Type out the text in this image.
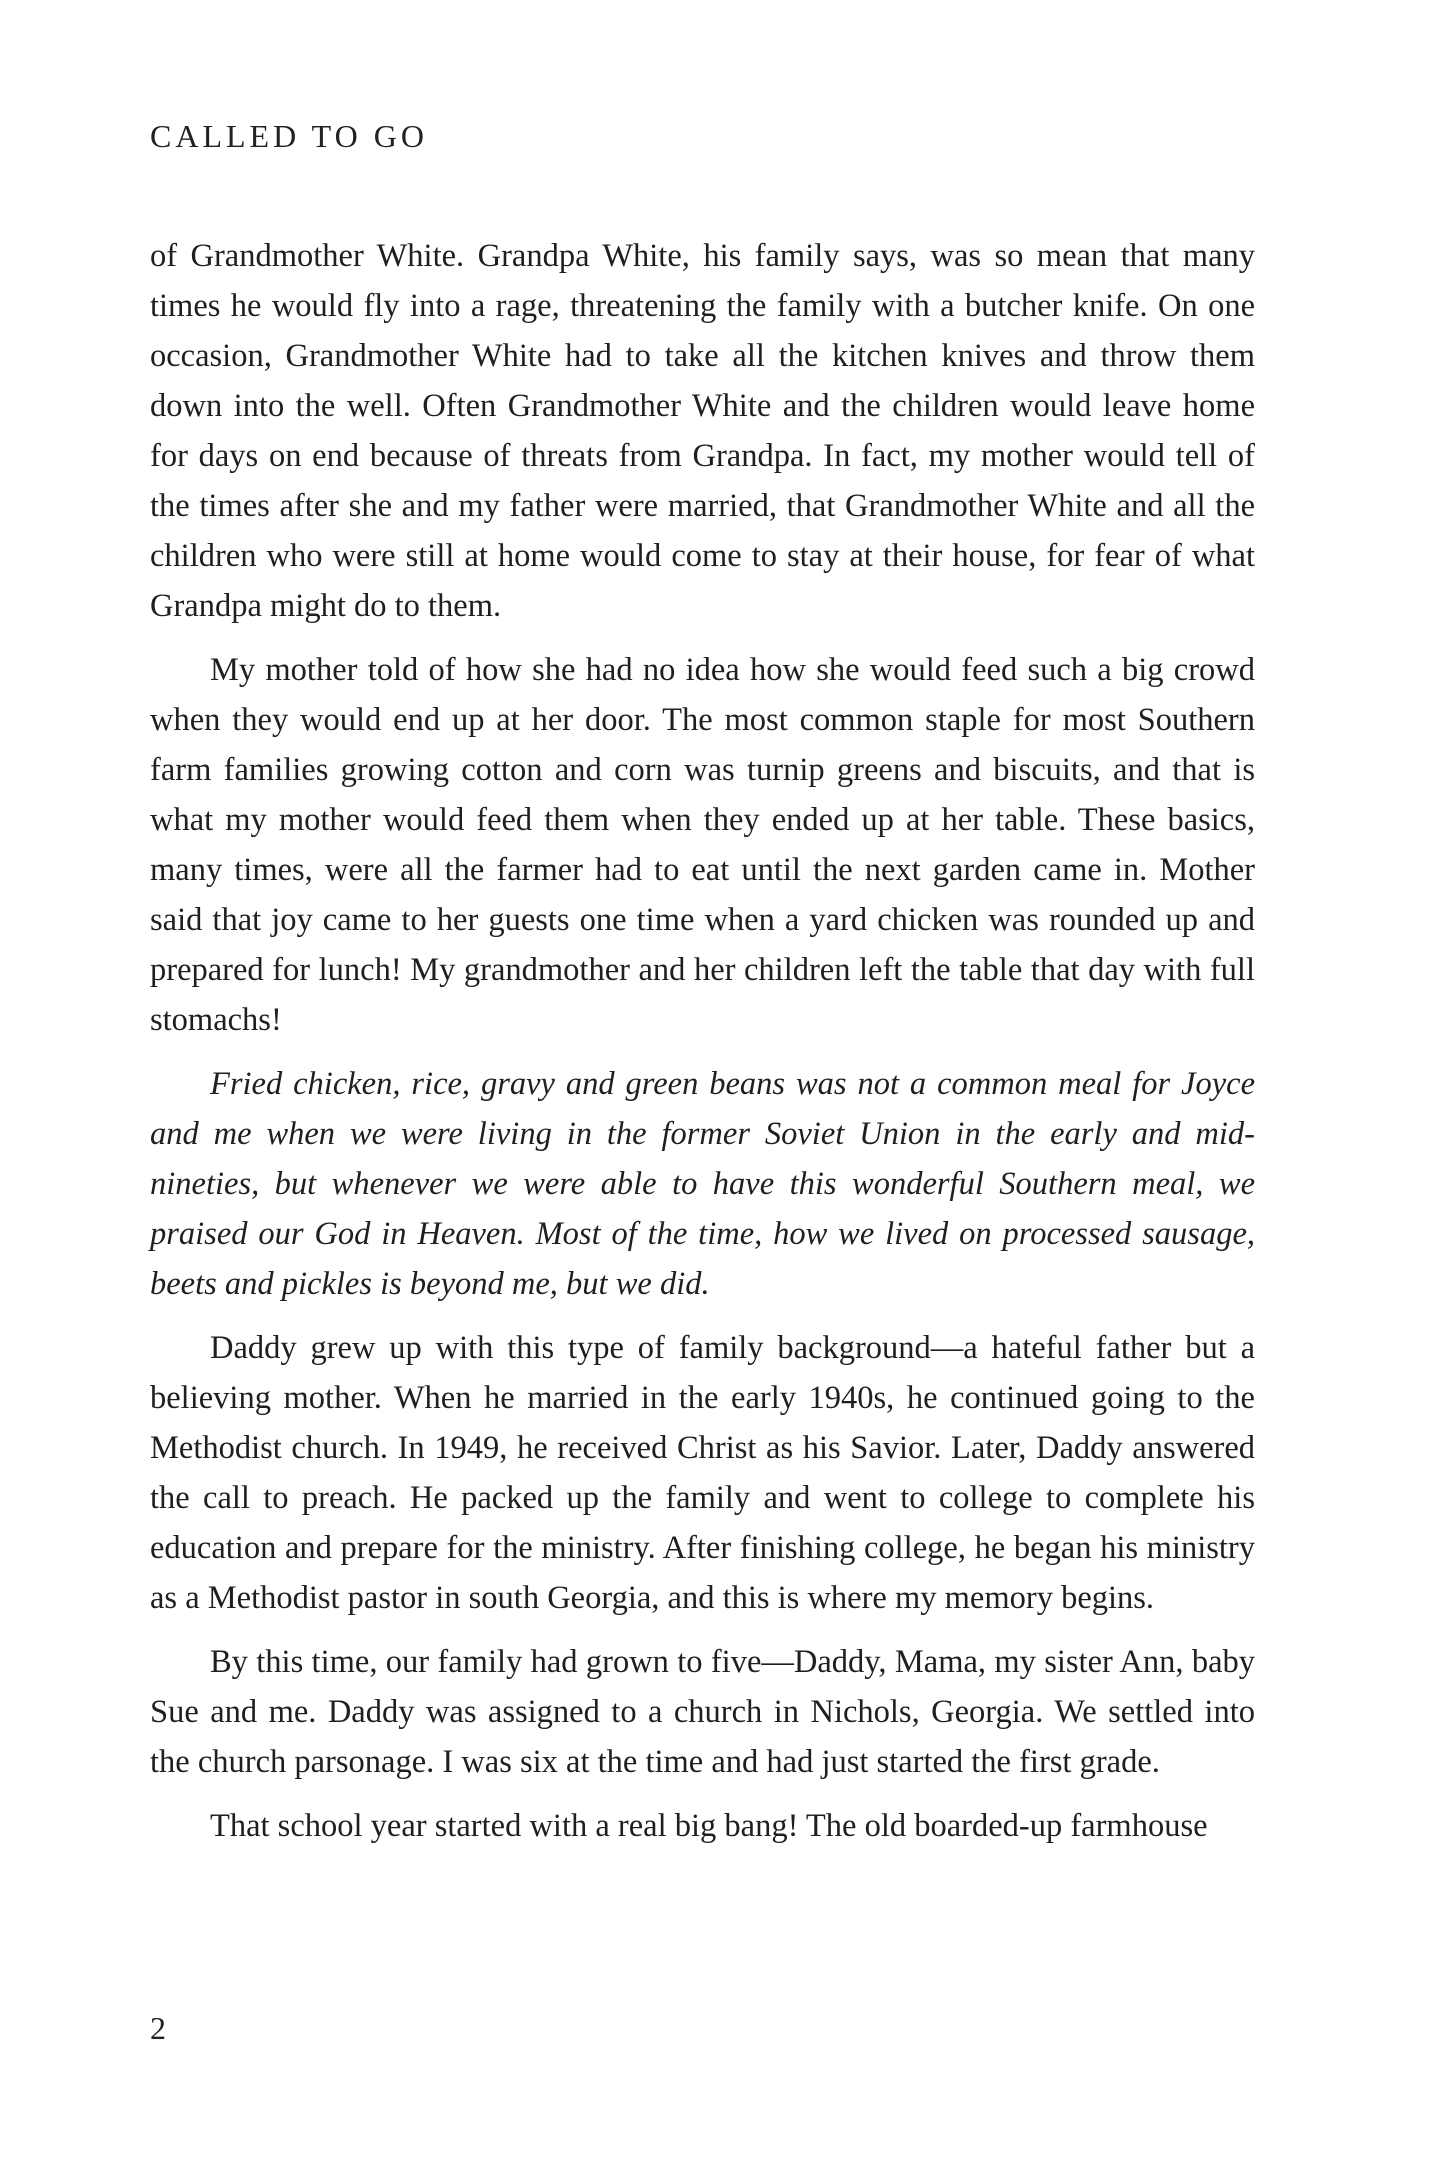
CALLED TO GO

of Grandmother White. Grandpa White, his family says, was so mean that many times he would fly into a rage, threatening the family with a butcher knife. On one occasion, Grandmother White had to take all the kitchen knives and throw them down into the well. Often Grandmother White and the children would leave home for days on end because of threats from Grandpa. In fact, my mother would tell of the times after she and my father were married, that Grandmother White and all the children who were still at home would come to stay at their house, for fear of what Grandpa might do to them.

My mother told of how she had no idea how she would feed such a big crowd when they would end up at her door. The most common staple for most Southern farm families growing cotton and corn was turnip greens and biscuits, and that is what my mother would feed them when they ended up at her table. These basics, many times, were all the farmer had to eat until the next garden came in. Mother said that joy came to her guests one time when a yard chicken was rounded up and prepared for lunch! My grandmother and her children left the table that day with full stomachs!

Fried chicken, rice, gravy and green beans was not a common meal for Joyce and me when we were living in the former Soviet Union in the early and mid-nineties, but whenever we were able to have this wonderful Southern meal, we praised our God in Heaven. Most of the time, how we lived on processed sausage, beets and pickles is beyond me, but we did.

Daddy grew up with this type of family background—a hateful father but a believing mother. When he married in the early 1940s, he continued going to the Methodist church. In 1949, he received Christ as his Savior. Later, Daddy answered the call to preach. He packed up the family and went to college to complete his education and prepare for the ministry. After finishing college, he began his ministry as a Methodist pastor in south Georgia, and this is where my memory begins.

By this time, our family had grown to five—Daddy, Mama, my sister Ann, baby Sue and me. Daddy was assigned to a church in Nichols, Georgia. We settled into the church parsonage. I was six at the time and had just started the first grade.

That school year started with a real big bang! The old boarded-up farmhouse

2
